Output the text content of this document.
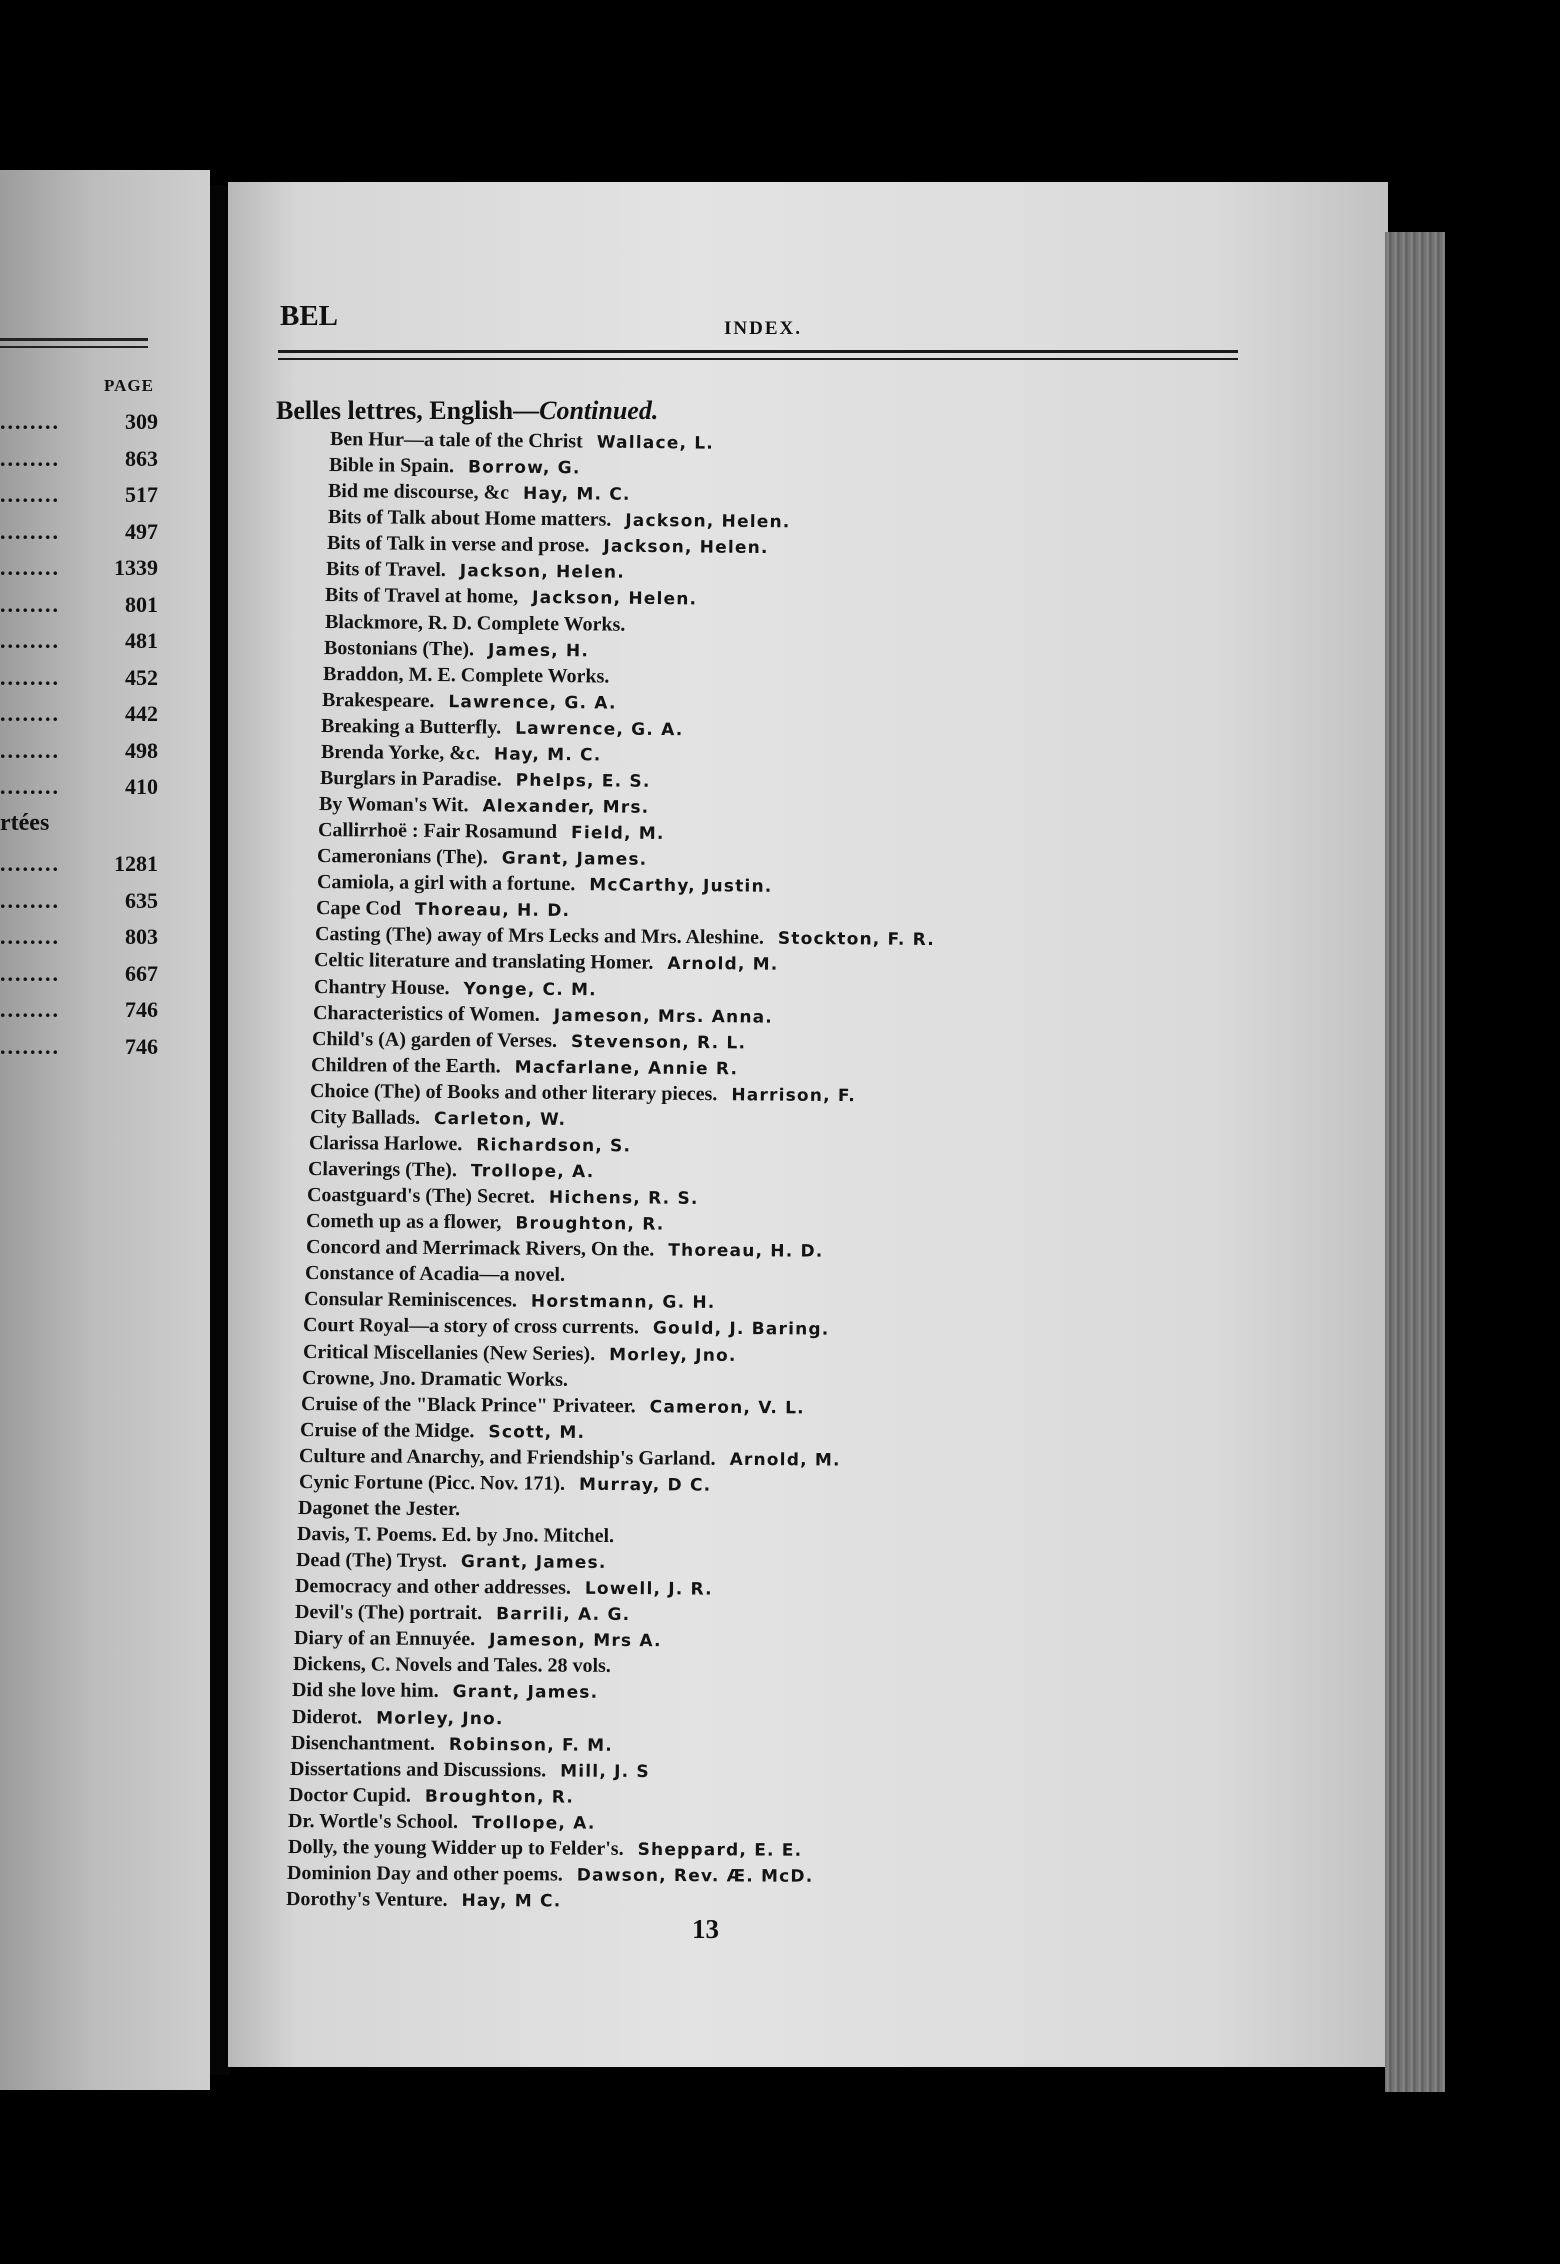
PAGE
........	309
........	863
........	517
........	497
........ 1339
........	801
........	481
........	452
........	442
........	498
........	410
........ 1281
........	635
........	803
........	667
........	746
........	746
rtées
BEL	INDEX.
Belles lettres, English—Continued.
Ben Hur—a tale of the Christ Wallace, L.
Bible in Spain. Borrow, G.
Bid me discourse, &c Hay, M. C.
Bits of Talk about Home matters. Jackson, Helen.
Bits of Talk in verse and prose. Jackson, Helen.
Bits of Travel. Jackson, Helen.
Bits of Travel at home, Jackson, Helen.
Blackmore, R. D. Complete Works.
Bostonians (The). James, H.
Braddon, M. E. Complete Works.
Brakespeare. Lawrence, G. A.
Breaking a Butterfly. Lawrence, G. A.
Brenda Yorke, &c. Hay, M. C.
Burglars in Paradise. Phelps, E. S.
By Woman's Wit. Alexander, Mrs.
Callirrhoë : Fair Rosamund Field, M.
Cameronians (The). Grant, James.
Camiola, a girl with a fortune. McCarthy, Justin.
Cape Cod Thoreau, H. D.
Casting (The) away of Mrs Lecks and Mrs. Aleshine. Stockton, F. R.
Celtic literature and translating Homer. Arnold, M.
Chantry House. Yonge, C. M.
Characteristics of Women. Jameson, Mrs. Anna.
Child's (A) garden of Verses. Stevenson, R. L.
Children of the Earth. Macfarlane, Annie R.
Choice (The) of Books and other literary pieces. Harrison, F.
City Ballads. Carleton, W.
Clarissa Harlowe. Richardson, S.
Claverings (The). Trollope, A.
Coastguard's (The) Secret. Hichens, R. S.
Cometh up as a flower, Broughton, R.
Concord and Merrimack Rivers, On the. Thoreau, H. D.
Constance of Acadia—a novel.
Consular Reminiscences. Horstmann, G. H.
Court Royal—a story of cross currents. Gould, J. Baring.
Critical Miscellanies (New Series). Morley, Jno.
Crowne, Jno. Dramatic Works.
Cruise of the "Black Prince" Privateer. Cameron, V. L.
Cruise of the Midge. Scott, M.
Culture and Anarchy, and Friendship's Garland. Arnold, M.
Cynic Fortune (Picc. Nov. 171). Murray, D C.
Dagonet the Jester.
Davis, T. Poems. Ed. by Jno. Mitchel.
Dead (The) Tryst. Grant, James.
Democracy and other addresses. Lowell, J. R.
Devil's (The) portrait. Barrili, A. G.
Diary of an Ennuyée. Jameson, Mrs A.
Dickens, C. Novels and Tales. 28 vols.
Did she love him. Grant, James.
Diderot. Morley, Jno.
Disenchantment. Robinson, F. M.
Dissertations and Discussions. Mill, J. S
Doctor Cupid. Broughton, R.
Dr. Wortle's School. Trollope, A.
Dolly, the young Widder up to Felder's. Sheppard, E. E.
Dominion Day and other poems. Dawson, Rev. Æ. McD.
Dorothy's Venture. Hay, M C.
13
